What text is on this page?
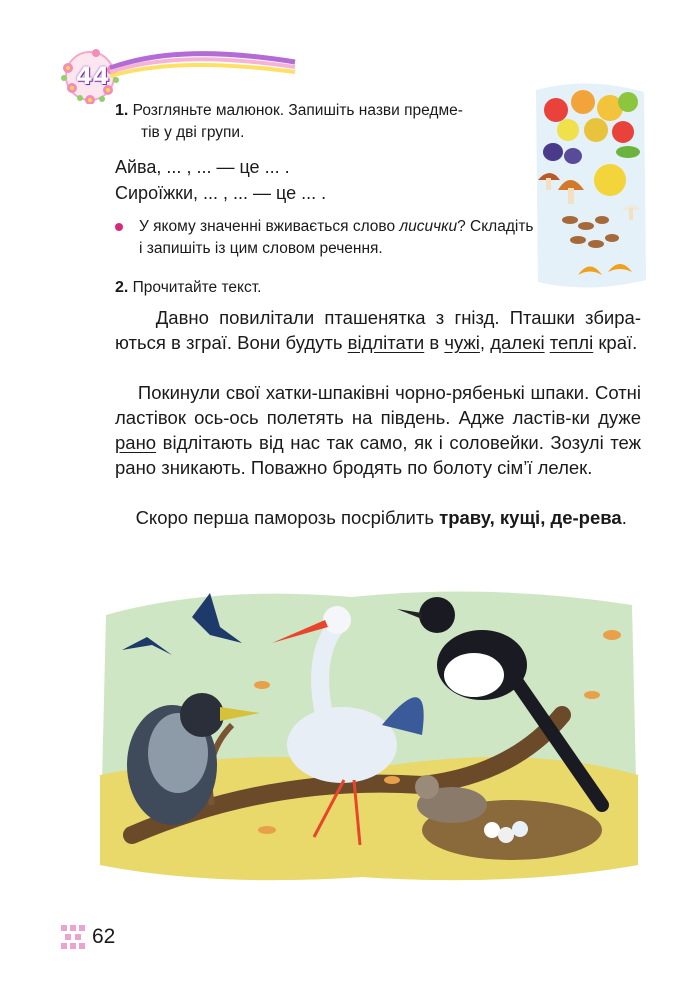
44
1. Розгляньте малюнок. Запишіть назви предме-
тів у дві групи.
Айва, ... , ... — це ... .
Сироїжки, ... , ... — це ... .
У якому значенні вживається слово лисички? Складіть і запишіть із цим словом речення.
2. Прочитайте текст.
Давно повилітали пташенятка з гнізд. Пташки збира-ються в зграї. Вони будуть відлітати в чужі, далекі теплі краї.
Покинули свої хатки-шпаківні чорно-рябенькі шпаки. Сотні ластівок ось-ось полетять на південь. Адже ластів-ки дуже рано відлітають від нас так само, як і соловейки. Зозулі теж рано зникають. Поважно бродять по болоту сім’ї лелек.
Скоро перша паморозь посріблить траву, кущі, де-рева.
62
